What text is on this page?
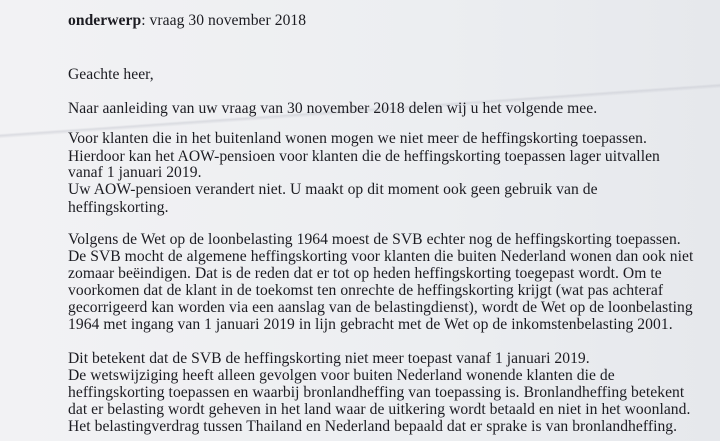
onderwerp: vraag 30 november 2018
Geachte heer,
Naar aanleiding van uw vraag van 30 november 2018 delen wij u het volgende mee.
Voor klanten die in het buitenland wonen mogen we niet meer de heffingskorting toepassen.
Hierdoor kan het AOW-pensioen voor klanten die de heffingskorting toepassen lager uitvallen
vanaf 1 januari 2019.
Uw AOW-pensioen verandert niet. U maakt op dit moment ook geen gebruik van de
heffingskorting.
Volgens de Wet op de loonbelasting 1964 moest de SVB echter nog de heffingskorting toepassen.
De SVB mocht de algemene heffingskorting voor klanten die buiten Nederland wonen dan ook niet
zomaar beëindigen. Dat is de reden dat er tot op heden heffingskorting toegepast wordt. Om te
voorkomen dat de klant in de toekomst ten onrechte de heffingskorting krijgt (wat pas achteraf
gecorrigeerd kan worden via een aanslag van de belastingdienst), wordt de Wet op de loonbelasting
1964 met ingang van 1 januari 2019 in lijn gebracht met de Wet op de inkomstenbelasting 2001.
Dit betekent dat de SVB de heffingskorting niet meer toepast vanaf 1 januari 2019.
De wetswijziging heeft alleen gevolgen voor buiten Nederland wonende klanten die de
heffingskorting toepassen en waarbij bronlandheffing van toepassing is. Bronlandheffing betekent
dat er belasting wordt geheven in het land waar de uitkering wordt betaald en niet in het woonland.
Het belastingverdrag tussen Thailand en Nederland bepaald dat er sprake is van bronlandheffing.
